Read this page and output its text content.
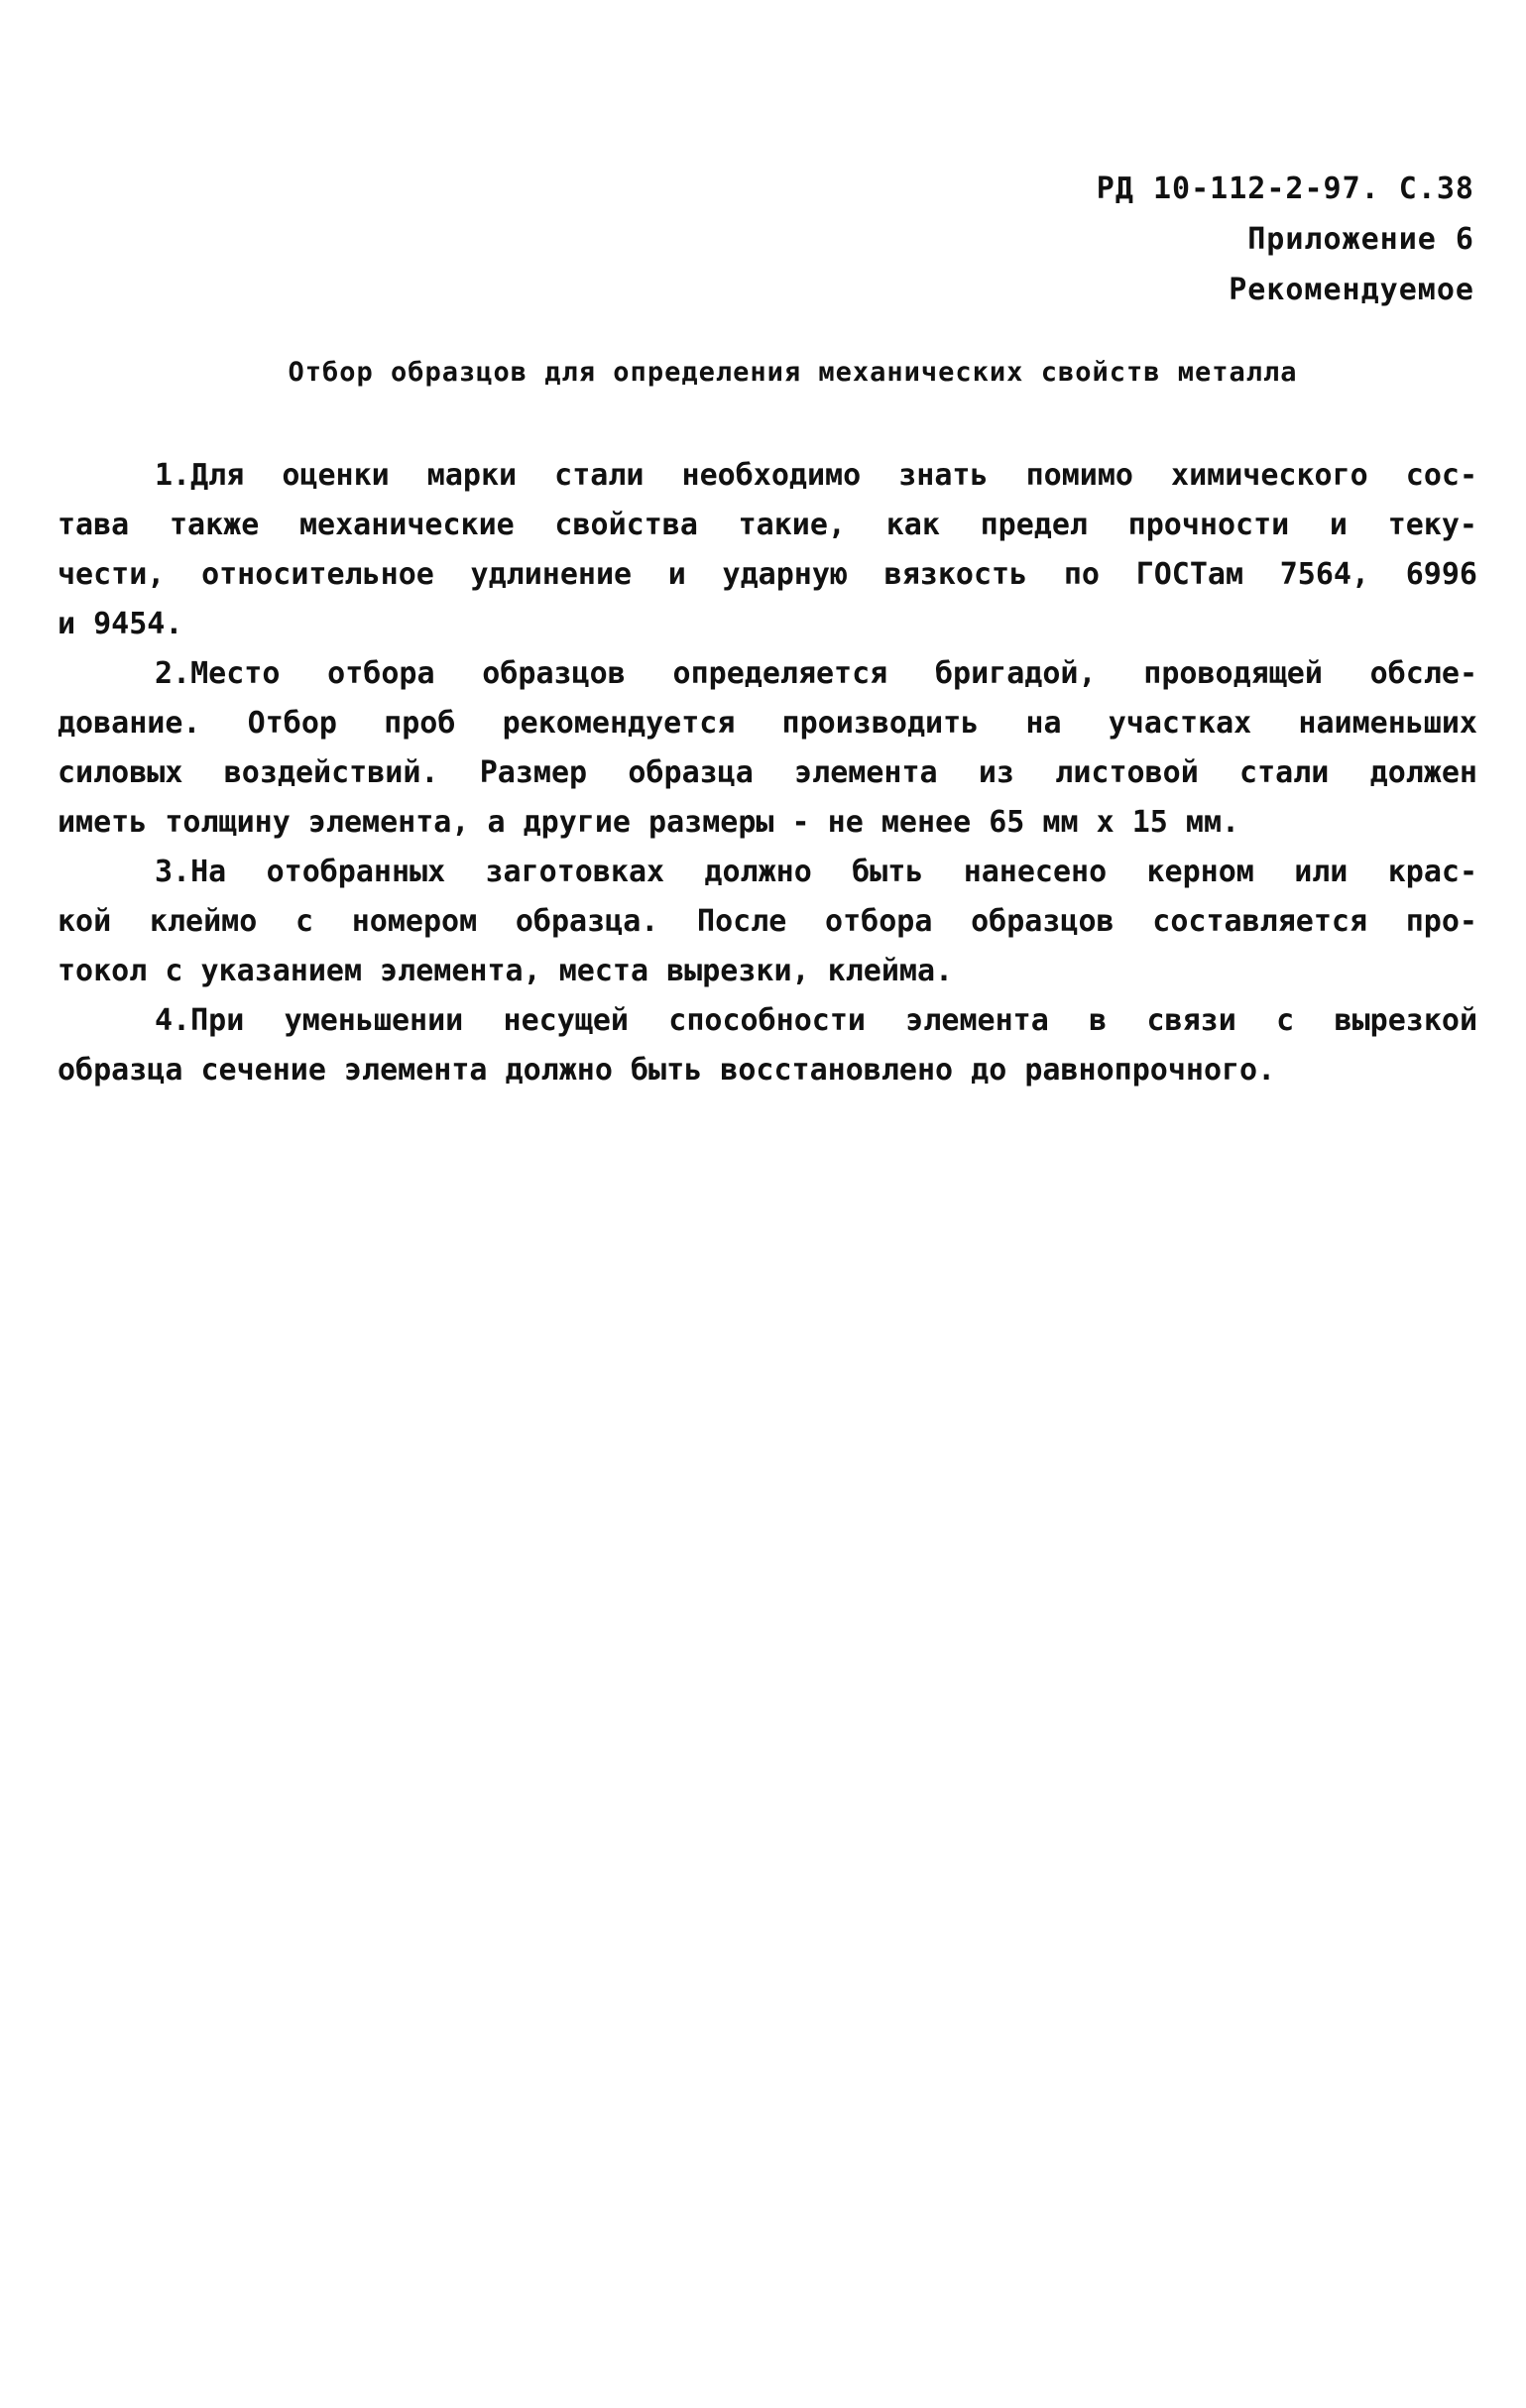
РД 10-112-2-97. С.38
Приложение 6
Рекомендуемое
Отбор образцов для определения механических свойств металла
1.Для оценки марки стали необходимо знать помимо химического сос-
тава также механические свойства такие, как предел прочности и теку-
чести, относительное удлинение и ударную вязкость по ГОСТам 7564, 6996
и 9454.
2.Место отбора образцов определяется бригадой, проводящей обсле-
дование. Отбор проб рекомендуется производить на участках наименьших
силовых воздействий. Размер образца элемента из листовой стали должен
иметь толщину элемента, а другие размеры - не менее 65 мм х 15 мм.
3.На отобранных заготовках должно быть нанесено керном или крас-
кой клеймо с номером образца. После отбора образцов составляется про-
токол с указанием элемента, места вырезки, клейма.
4.При уменьшении несущей способности элемента в связи с вырезкой
образца сечение элемента должно быть восстановлено до равнопрочного.
